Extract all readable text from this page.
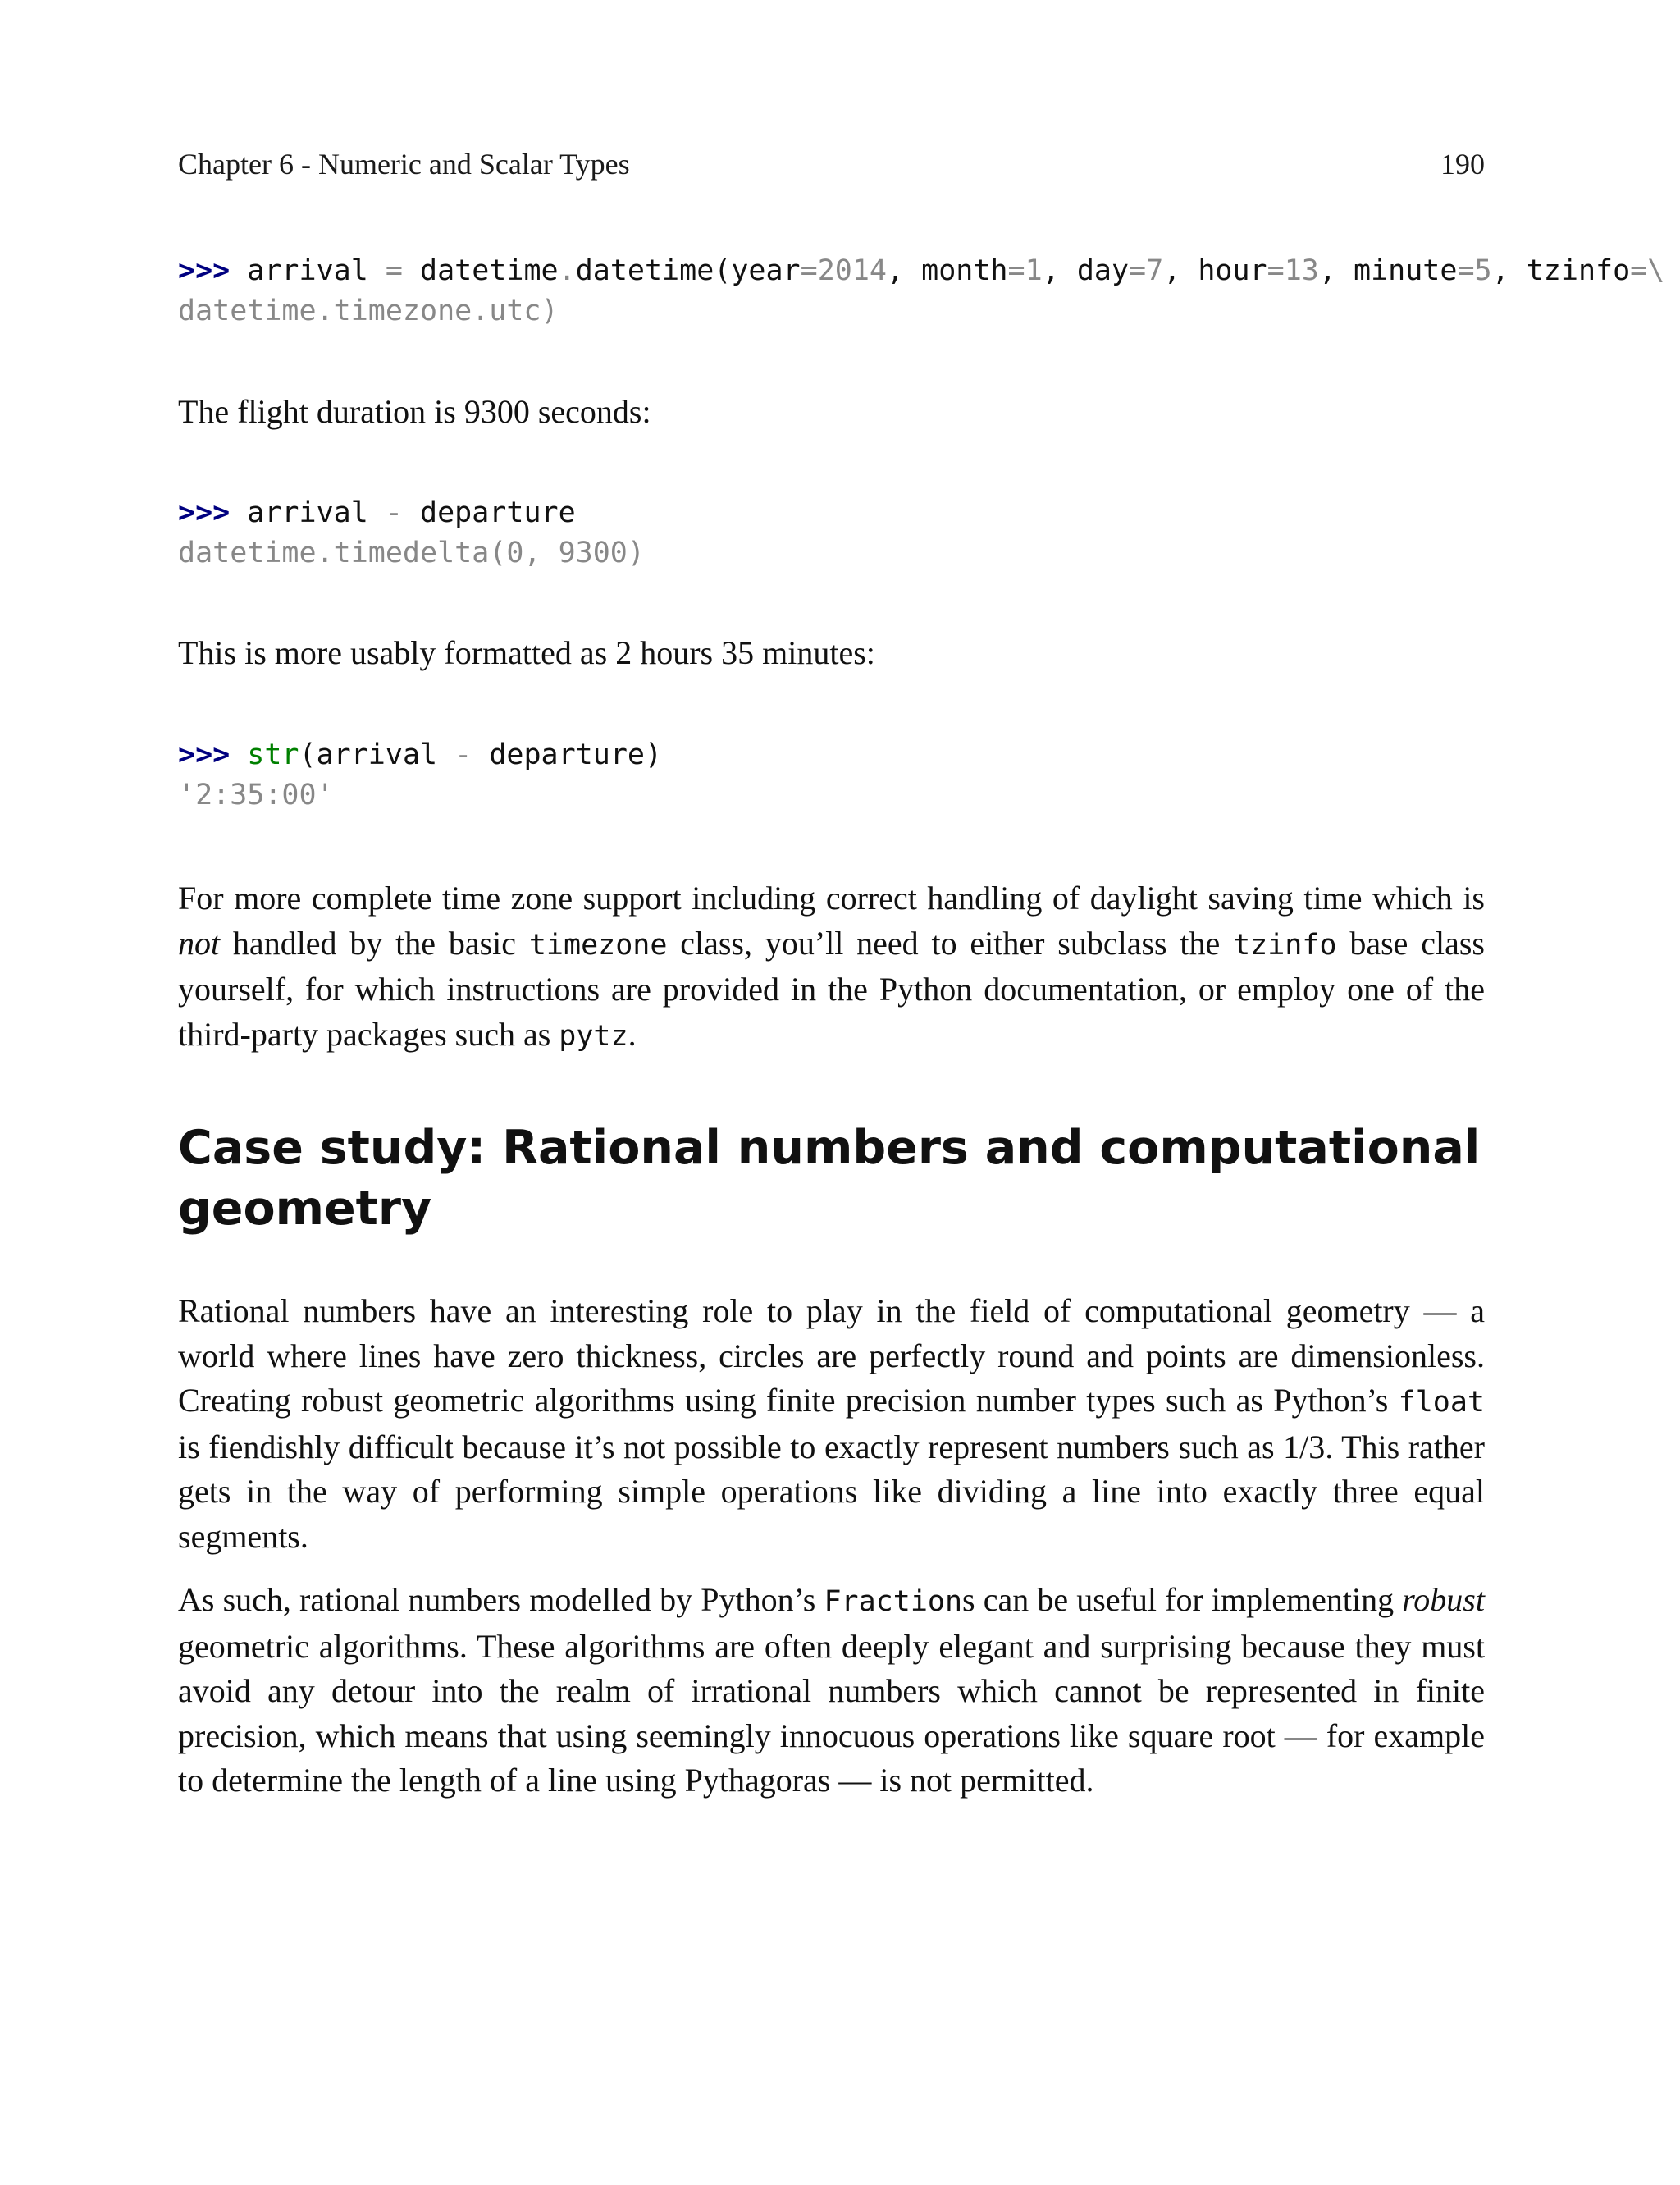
Chapter 6 - Numeric and Scalar Types	190
>>> arrival = datetime.datetime(year=2014, month=1, day=7, hour=13, minute=5, tzinfo=\
datetime.timezone.utc)

The flight duration is 9300 seconds:

>>> arrival - departure
datetime.timedelta(0, 9300)

This is more usably formatted as 2 hours 35 minutes:

>>> str(arrival - departure)
'2:35:00'

For more complete time zone support including correct handling of daylight saving time which is not handled by the basic timezone class, you’ll need to either subclass the tzinfo base class yourself, for which instructions are provided in the Python documentation, or employ one of the third-party packages such as pytz.

Case study: Rational numbers and computational geometry

Rational numbers have an interesting role to play in the field of computational geometry — a world where lines have zero thickness, circles are perfectly round and points are dimensionless. Creating robust geometric algorithms using finite precision number types such as Python’s float is fiendishly difficult because it’s not possible to exactly represent numbers such as 1/3. This rather gets in the way of performing simple operations like dividing a line into exactly three equal segments.

As such, rational numbers modelled by Python’s Fractions can be useful for implementing robust geometric algorithms. These algorithms are often deeply elegant and surprising because they must avoid any detour into the realm of irrational numbers which cannot be represented in finite precision, which means that using seemingly innocuous operations like square root — for example to determine the length of a line using Pythagoras — is not permitted.
